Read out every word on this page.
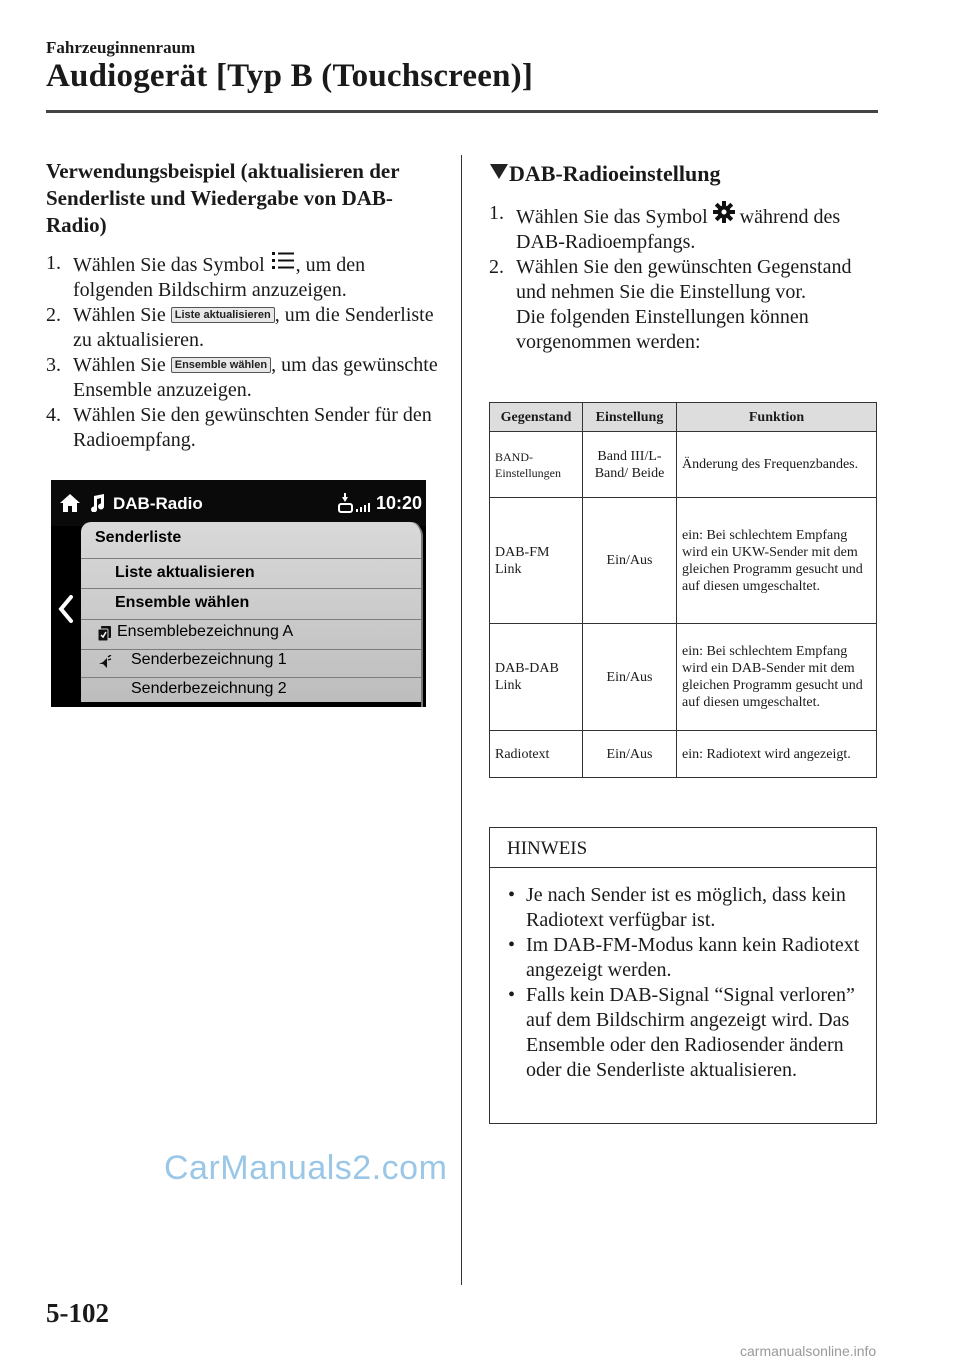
Fahrzeuginnenraum
Audiogerät [Typ B (Touchscreen)]
Verwendungsbeispiel (aktualisieren der Senderliste und Wiedergabe von DAB-Radio)
1. Wählen Sie das Symbol , um den folgenden Bildschirm anzuzeigen.
2. Wählen Sie Liste aktualisieren , um die Senderliste zu aktualisieren.
3. Wählen Sie Ensemble wählen , um das gewünschte Ensemble anzuzeigen.
4. Wählen Sie den gewünschten Sender für den Radioempfang.
DAB-Radio	10:20
Senderliste
Liste aktualisieren
Ensemble wählen
Ensemblebezeichnung A
Senderbezeichnung 1
Senderbezeichnung 2
DAB-Radioeinstellung
1. Wählen Sie das Symbol während des DAB-Radioempfangs.
2. Wählen Sie den gewünschten Gegenstand und nehmen Sie die Einstellung vor.
Die folgenden Einstellungen können vorgenommen werden:
Gegenstand	Einstellung	Funktion
BAND-Einstellungen	Band III/L-Band/ Beide	Änderung des Frequenzbandes.
DAB-FM Link	Ein/Aus	ein: Bei schlechtem Empfang wird ein UKW-Sender mit dem gleichen Programm gesucht und auf diesen umgeschaltet.
DAB-DAB Link	Ein/Aus	ein: Bei schlechtem Empfang wird ein DAB-Sender mit dem gleichen Programm gesucht und auf diesen umgeschaltet.
Radiotext	Ein/Aus	ein: Radiotext wird angezeigt.
HINWEIS
• Je nach Sender ist es möglich, dass kein Radiotext verfügbar ist.
• Im DAB-FM-Modus kann kein Radiotext angezeigt werden.
• Falls kein DAB-Signal “Signal verloren” auf dem Bildschirm angezeigt wird. Das Ensemble oder den Radiosender ändern oder die Senderliste aktualisieren.
CarManuals2.com
5-102
carmanualsonline.info
